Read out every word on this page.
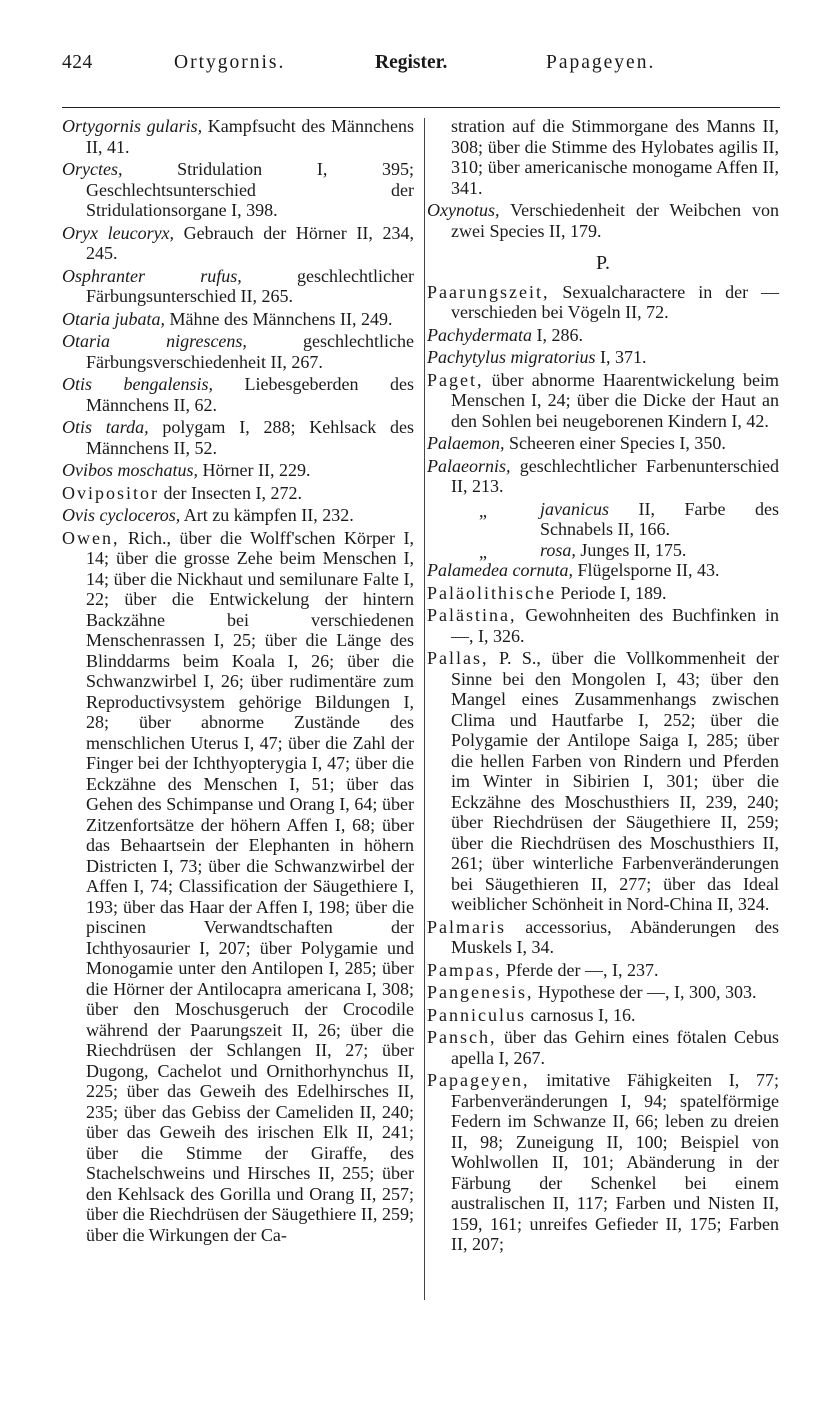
424	Ortygornis.	Register.	Papageyen.
Ortygornis gularis, Kampfsucht des Männchens II, 41.
Oryctes, Stridulation I, 395; Geschlechtsunterschied der Stridulationsorgane I, 398.
Oryx leucoryx, Gebrauch der Hörner II, 234, 245.
Osphranter rufus, geschlechtlicher Färbungsunterschied II, 265.
Otaria jubata, Mähne des Männchens II, 249.
Otaria nigrescens, geschlechtliche Färbungsverschiedenheit II, 267.
Otis bengalensis, Liebesgeberden des Männchens II, 62.
Otis tarda, polygam I, 288; Kehlsack des Männchens II, 52.
Ovibos moschatus, Hörner II, 229.
Ovipositor der Insecten I, 272.
Ovis cycloceros, Art zu kämpfen II, 232.
Owen, Rich., über die Wolff'schen Körper I, 14; über die grosse Zehe beim Menschen I, 14; über die Nickhaut und semilunare Falte I, 22; über die Entwickelung der hintern Backzähne bei verschiedenen Menschenrassen I, 25; über die Länge des Blinddarms beim Koala I, 26; über die Schwanzwirbel I, 26; über rudimentäre zum Reproductivsystem gehörige Bildungen I, 28; über abnorme Zustände des menschlichen Uterus I, 47; über die Zahl der Finger bei der Ichthyopterygia I, 47; über die Eckzähne des Menschen I, 51; über das Gehen des Schimpanse und Orang I, 64; über Zitzenfortsätze der höhern Affen I, 68; über das Behaartsein der Elephanten in höhern Districten I, 73; über die Schwanzwirbel der Affen I, 74; Classification der Säugethiere I, 193; über das Haar der Affen I, 198; über die piscinen Verwandtschaften der Ichthyosaurier I, 207; über Polygamie und Monogamie unter den Antilopen I, 285; über die Hörner der Antilocapra americana I, 308; über den Moschusgeruch der Crocodile während der Paarungszeit II, 26; über die Riechdrüsen der Schlangen II, 27; über Dugong, Cachelot und Ornithorhynchus II, 225; über das Geweih des Edelhirsches II, 235; über das Gebiss der Cameliden II, 240; über das Geweih des irischen Elk II, 241; über die Stimme der Giraffe, des Stachelschweins und Hirsches II, 255; über den Kehlsack des Gorilla und Orang II, 257; über die Riechdrüsen der Säugethiere II, 259; über die Wirkungen der Ca-
stration auf die Stimmorgane des Manns II, 308; über die Stimme des Hylobates agilis II, 310; über americanische monogame Affen II, 341.
Oxynotus, Verschiedenheit der Weibchen von zwei Species II, 179.
P.
Paarungszeit, Sexualcharactere in der — verschieden bei Vögeln II, 72.
Pachydermata I, 286.
Pachytylus migratorius I, 371.
Paget, über abnorme Haarentwickelung beim Menschen I, 24; über die Dicke der Haut an den Sohlen bei neugeborenen Kindern I, 42.
Palaemon, Scheeren einer Species I, 350.
Palaeornis, geschlechtlicher Farbenunterschied II, 213.
„	javanicus II, Farbe des Schnabels II, 166.
„	rosa, Junges II, 175.
Palamedea cornuta, Flügelsporne II, 43.
Paläolithische Periode I, 189.
Palästina, Gewohnheiten des Buchfinken in —, I, 326.
Pallas, P. S., über die Vollkommenheit der Sinne bei den Mongolen I, 43; über den Mangel eines Zusammenhangs zwischen Clima und Hautfarbe I, 252; über die Polygamie der Antilope Saiga I, 285; über die hellen Farben von Rindern und Pferden im Winter in Sibirien I, 301; über die Eckzähne des Moschusthiers II, 239, 240; über Riechdrüsen der Säugethiere II, 259; über die Riechdrüsen des Moschusthiers II, 261; über winterliche Farbenveränderungen bei Säugethieren II, 277; über das Ideal weiblicher Schönheit in Nord-China II, 324.
Palmaris accessorius, Abänderungen des Muskels I, 34.
Pampas, Pferde der —, I, 237.
Pangenesis, Hypothese der —, I, 300, 303.
Panniculus carnosus I, 16.
Pansch, über das Gehirn eines fötalen Cebus apella I, 267.
Papageyen, imitative Fähigkeiten I, 77; Farbenveränderungen I, 94; spatelförmige Federn im Schwanze II, 66; leben zu dreien II, 98; Zuneigung II, 100; Beispiel von Wohlwollen II, 101; Abänderung in der Färbung der Schenkel bei einem australischen II, 117; Farben und Nisten II, 159, 161; unreifes Gefieder II, 175; Farben II, 207;
